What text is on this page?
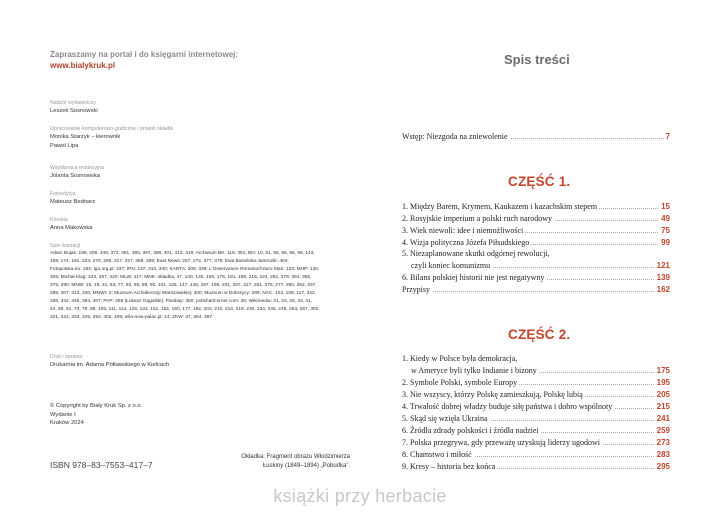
Zapraszamy na portal i do księgarni internetowej:
www.bialykruk.pl
Nadzór wydawniczy
Leszek Sosnowski
Opracowanie komputerowo-graficzne i projekt okładki
Monika Starzyk – kierownik
Paweł Lipa
Współpraca redakcyjna
Jolanta Sosnowska
Fotoedycja
Mateusz Bednarz
Korekta
Anna Makowska
Spis ilustracji
Adam Bujak: 199, 209, 348, 372, 381, 385, 397, 398, 401, 413, 419; Archiwum BK: 119, 361; BN: 10, 51, 55, 66, 96, 99, 143, 159, 174, 191, 223, 270, 285, 317, 327, 359, 369; East News: 257, 272, 377, 378; Ewa Barańska-Jamrozik: 404; Fotopolska.eu: 184; Igo.org.pl: 237; IPN: 137, 310, 340; KARTA: 309, 339; L'Osservatore Romano/Arturo Mari: 123; MHP: 130, 305; Michał Klag: 243, 357, 420; MLW: 417; MNK: okładka, 47, 140, 145, 155, 179, 181, 189, 216, 224, 262, 279, 354, 365, 375, 390; MNW: 16, 19, 31, 63, 77, 82, 85, 89, 90, 101, 125, 147, 148, 187, 196, 201, 207, 227, 261, 275, 277, 280, 292, 297, 298, 307, 313, 330; MNWr: 2; Muzeum Archidiecezji Warszawskiej: 300; Muzeum w Dobrzycy: 289; NAC: 103, 108, 117, 322, 336, 342, 346, 394, 407; PAP: 258 (Łukasz Gągulski); Pixabay: 350; polishartcorner.com: 26; Wikimedia: 21, 23, 29, 33, 41, 44, 58, 61, 73, 79, 95, 105, 111, 114, 129, 132, 151, 152, 160, 177, 192, 203, 210, 213, 218, 230, 234, 245, 249, 253, 267, 302, 321, 324, 333, 345, 393, 402, 408; wila-now-palac.pl: 14; ZKW: 37, 264, 387.
Druk i oprawa
Drukarnia im. Adama Półtawskiego w Kielcach
© Copyright by Biały Kruk Sp. z o.o.
Wydanie I
Kraków 2024
ISBN 978–83–7553–417–7
Okładka: Fragment obrazu Włodzimierza
Łuskiny (1849–1894) „Pobudka”.
Spis treści
Wstęp: Niezgoda na zniewolenie	7
CZĘŚĆ 1.
1. Między Barem, Krymem, Kaukazem i kazachskim stepem	15
2. Rosyjskie imperium a polski ruch narodowy	49
3. Wiek niewoli: idee i niemożliwości	75
4. Wizja polityczna Józefa Piłsudskiego	99
5. Niezaplanowane skutki odgórnej rewolucji,
czyli koniec komunizmu	121
6. Bilans polskiej historii nie jest negatywny	139
Przypisy	162
CZĘŚĆ 2.
1. Kiedy w Polsce była demokracja,
w Ameryce byli tylko Indianie i bizony	175
2. Symbole Polski, symbole Europy	195
3. Nie wszyscy, którzy Polskę zamieszkują, Polskę lubią	205
4. Trwałość dobrej władzy buduje siłę państwa i dobro wspólnoty	215
5. Skąd się wzięła Ukraina	241
6. Źródła zdrady polskości i źródła nadziei	259
7. Polska przegrywa, gdy przeważę uzyskują liderzy ugodowi	273
8. Chamstwo i miłość	283
9. Kresy – historia bez końca	295
książki przy herbacie
